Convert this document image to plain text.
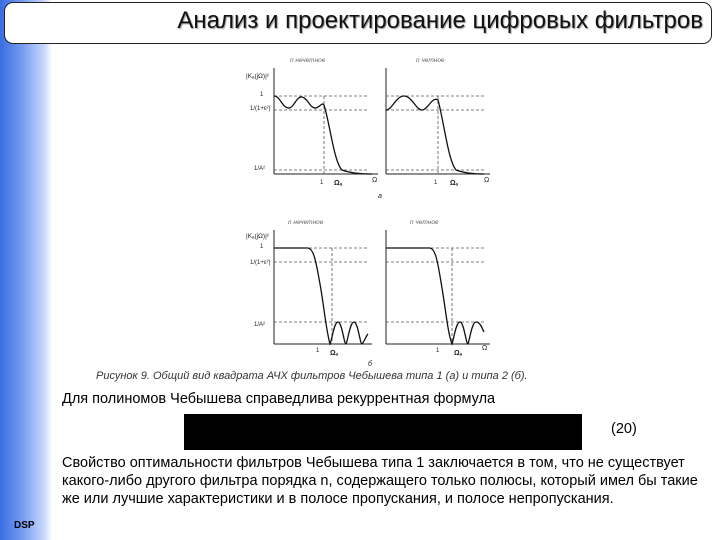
DSP
Анализ и проектирование цифровых фильтров
n нечетное
|Kₐ(jΩ)|²
1
1/(1+ε²)
1/A²
1 Ωₐ	Ω
n четное
1 Ωₐ	Ω
а
n нечетное
|Kₐ(jΩ)|²
1
1/(1+ε²)
1/A²
1 Ωₐ
n четное
1 Ωₐ
Ω
б
Рисунок 9. Общий вид квадрата АЧХ фильтров Чебышева типа 1 (а) и типа 2 (б).
Для полиномов Чебышева справедлива рекуррентная формула
(20)
Свойство оптимальности фильтров Чебышева типа 1 заключается в том, что не существует какого-либо другого фильтра порядка n, содержащего только полюсы, который имел бы такие же или лучшие характеристики и в полосе пропускания, и полосе непропускания.
